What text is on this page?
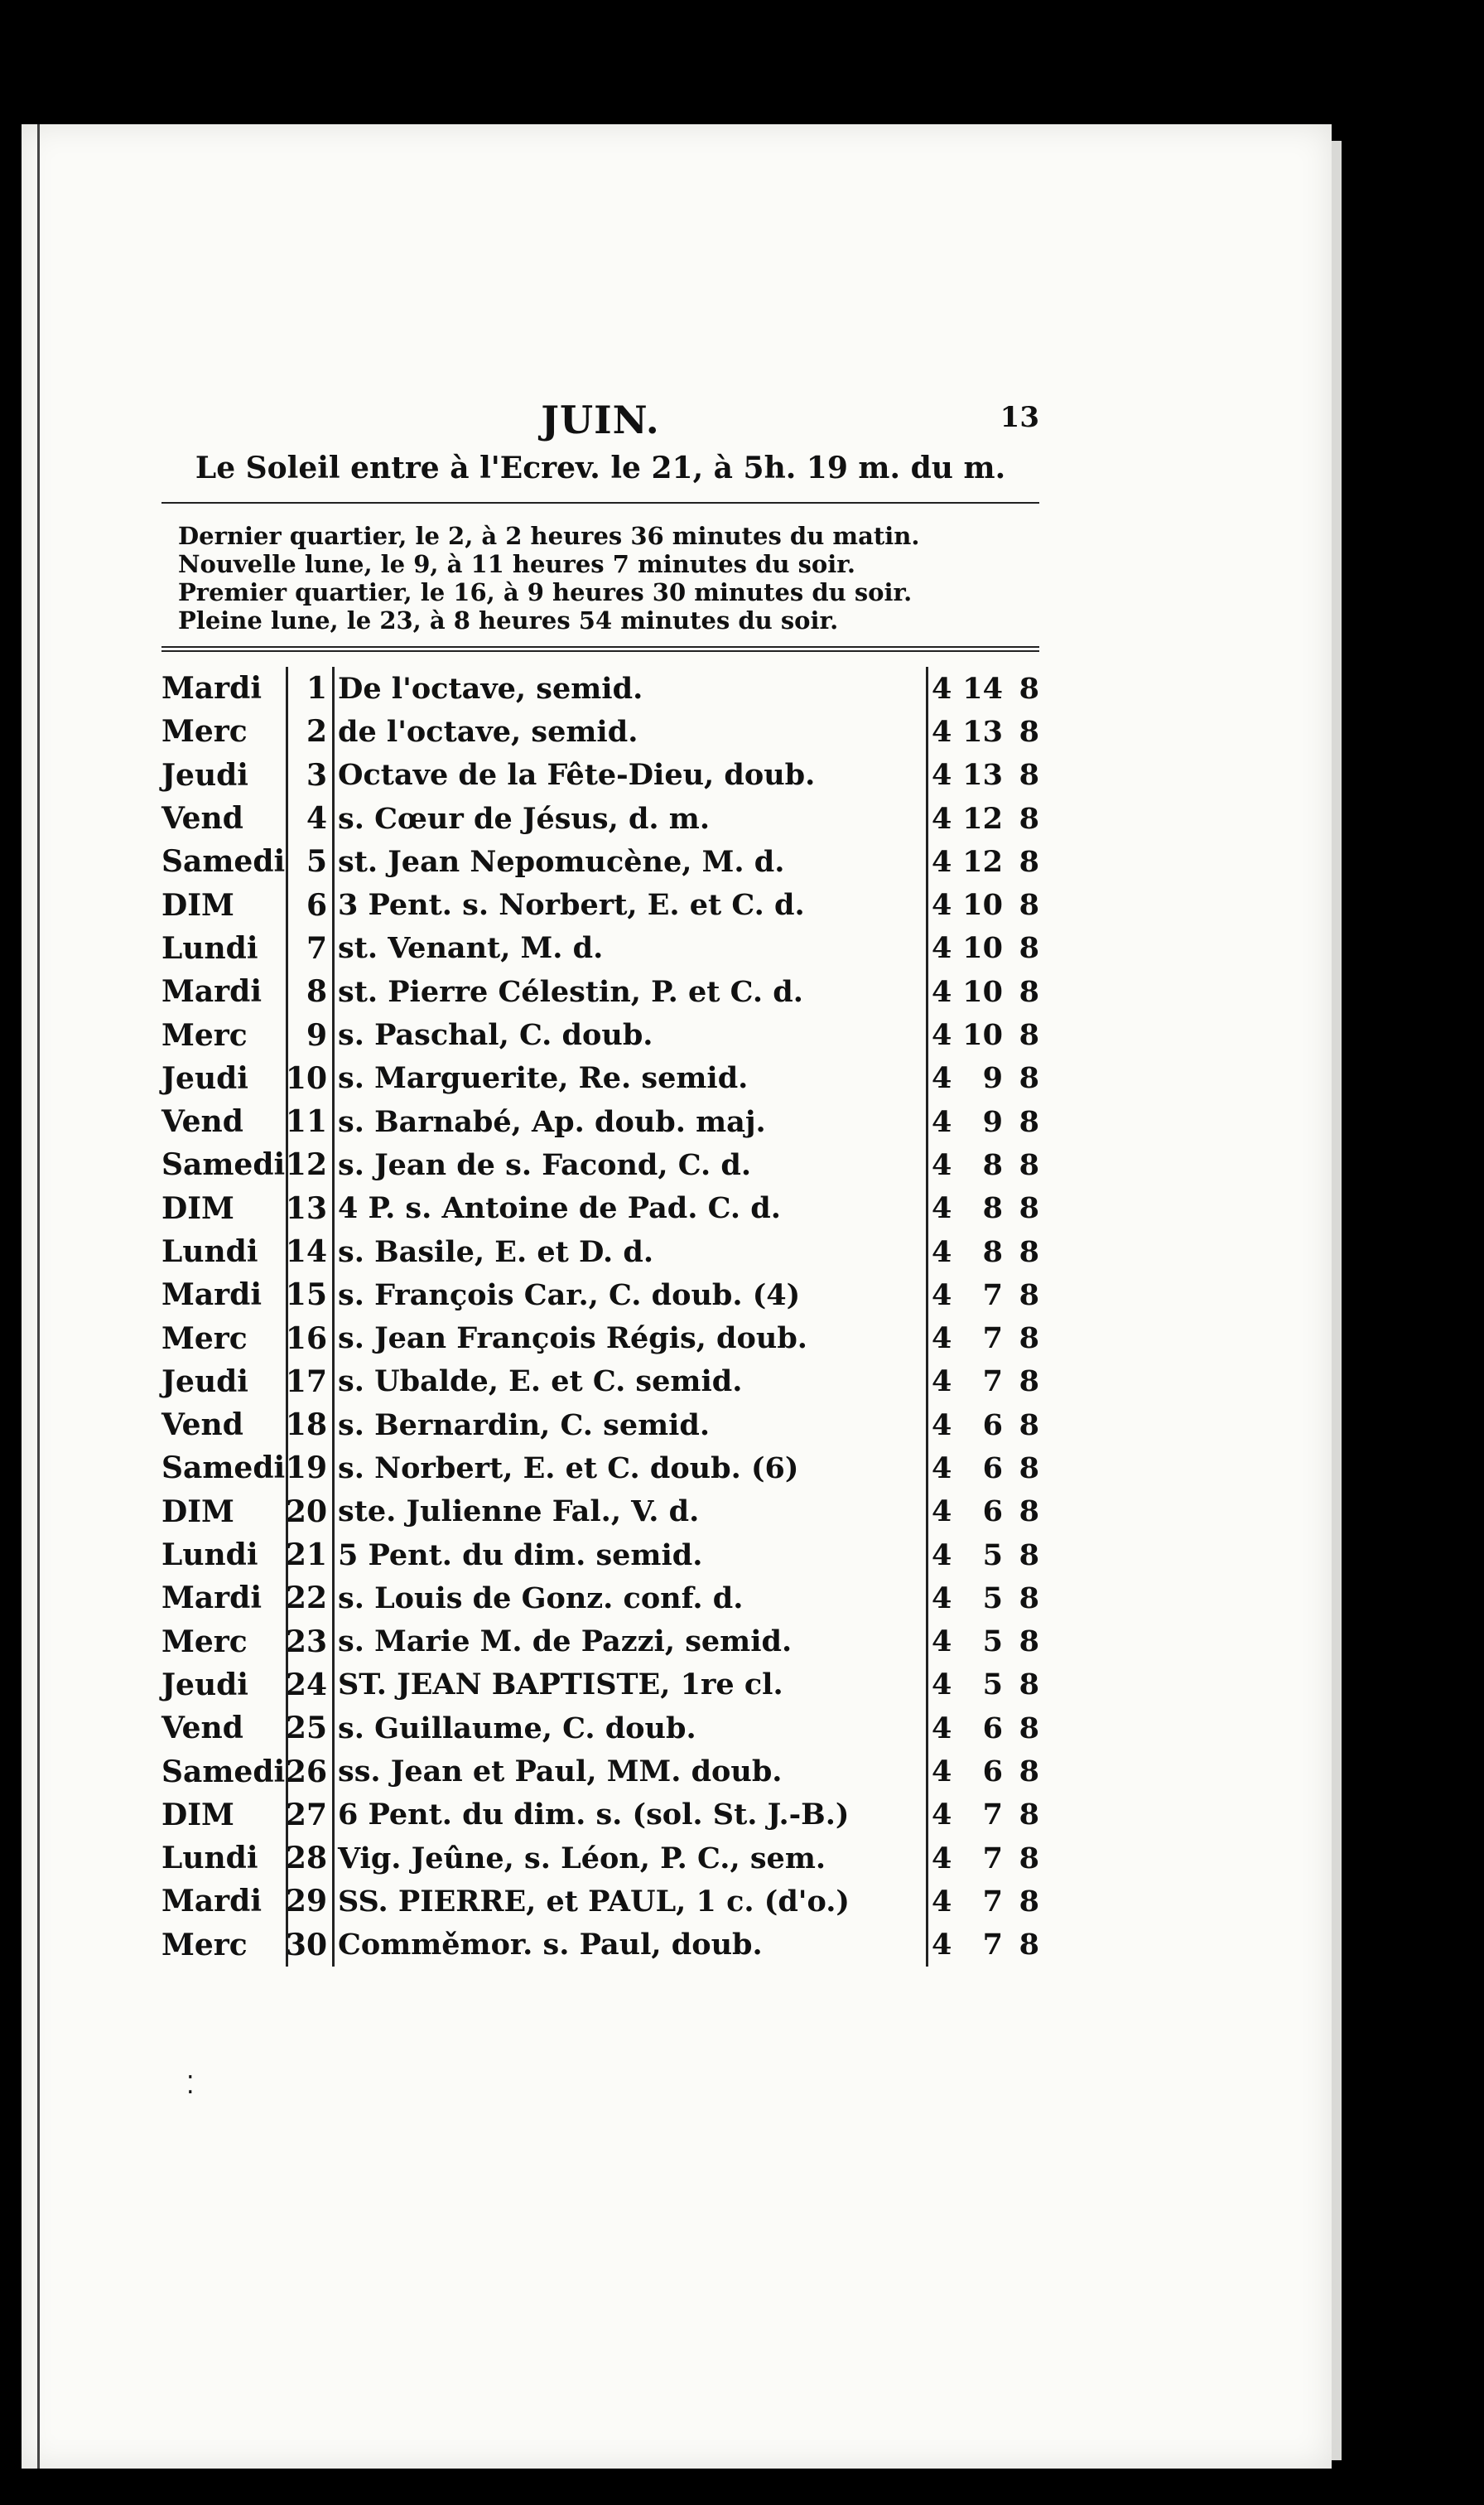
JUIN.	13
Le Soleil entre à l'Ecrev. le 21, à 5h. 19 m. du m.
Dernier quartier, le 2, à 2 heures 36 minutes du matin.
Nouvelle lune, le 9, à 11 heures 7 minutes du soir.
Premier quartier, le 16, à 9 heures 30 minutes du soir.
Pleine lune, le 23, à 8 heures 54 minutes du soir.
Mardi	1 De l'octave, semid.	4 14 8
Merc	2 de l'octave, semid.	4 13 8
Jeudi	3 Octave de la Fête-Dieu, doub.	4 13 8
Vend	4 s. Cœur de Jésus, d. m.	4 12 8
Samedi 5 st. Jean Nepomucène, M. d.	4 12 8
DIM	6 3 Pent. s. Norbert, E. et C. d.	4 10 8
Lundi	7 st. Venant, M. d.	4 10 8
Mardi	8 st. Pierre Célestin, P. et C. d.	4 10 8
Merc	9 s. Paschal, C. doub.	4 10 8
Jeudi	10 s. Marguerite, Re. semid.	4	9 8
Vend	11 s. Barnabé, Ap. doub. maj.	4	9 8
Samedi 12 s. Jean de s. Facond, C. d.	4	8 8
DIM	13 4 P. s. Antoine de Pad. C. d.	4	8 8
Lundi 14 s. Basile, E. et D. d.	4	8 8
Mardi 15 s. François Car., C. doub. (4)	4	7 8
Merc	16 s. Jean François Régis, doub.	4	7 8
Jeudi	17 s. Ubalde, E. et C. semid.	4	7 8
Vend	18 s. Bernardin, C. semid.	4	6 8
Samedi 19 s. Norbert, E. et C. doub. (6)	4	6 8
DIM	20 ste. Julienne Fal., V. d.	4	6 8
Lundi 21 5 Pent. du dim. semid.	4	5 8
Mardi 22 s. Louis de Gonz. conf. d.	4	5 8
Merc	23 s. Marie M. de Pazzi, semid.	4	5 8
Jeudi	24 ST. JEAN BAPTISTE, 1re cl.	4	5 8
Vend	25 s. Guillaume, C. doub.	4	6 8
Samedi 26 ss. Jean et Paul, MM. doub.	4	6 8
DIM	27 6 Pent. du dim. s. (sol. St. J.-B.)	4	7 8
Lundi 28 Vig. Jeûne, s. Léon, P. C., sem.	4	7 8
Mardi 29 SS. PIERRE, et PAUL, 1 c. (d'o.)	4	7 8
Merc	30 Comměmor. s. Paul, doub.	4	7 8
⁚
